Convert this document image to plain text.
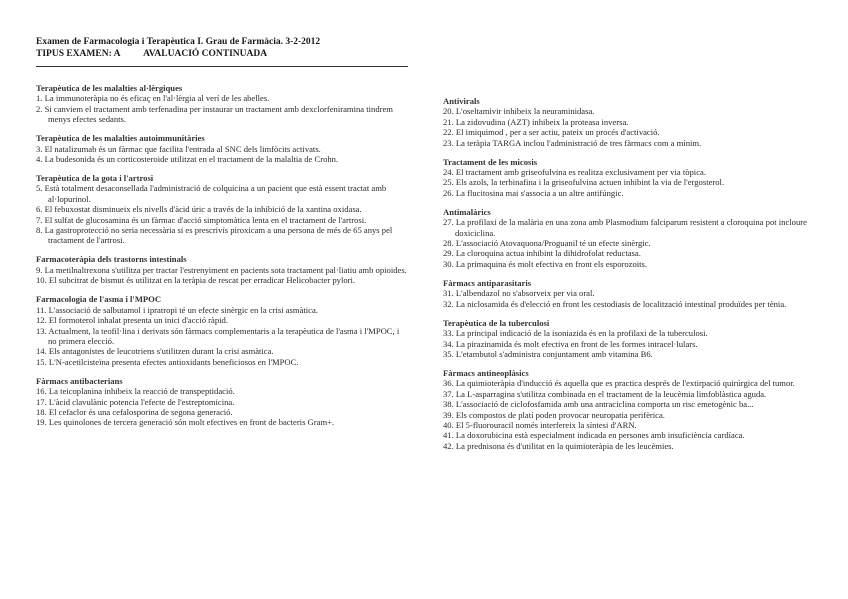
Examen de Farmacologia i Terapèutica I. Grau de Farmàcia. 3-2-2012
TIPUS EXAMEN: A          AVALUACIÓ CONTINUADA
Terapèutica de les malalties al·lèrgiques
1. La immunoteràpia no és eficaç en l'al·lèrgia al verí de les abelles.
2. Si canviem el tractament amb terfenadina per instaurar un tractament amb dexclorfeniramina tindrem menys efectes sedants.
Terapèutica de les malalties autoimmunitàries
3. El natalizumab és un fàrmac que facilita l'entrada al SNC dels limfòcits activats.
4. La budesonida és un corticosteroide utilitzat en el tractament de la malaltia de Crohn.
Terapèutica de la gota i l'artrosi
5. Està totalment desaconsellada l'administració de colquicina a un pacient que està essent tractat amb al·lopurinol.
6. El febuxostat disminueix els nivells d'àcid úric a través de la inhibició de la xantina oxidasa.
7. El sulfat de glucosamina és un fàrmac d'acció simptomàtica lenta en el tractament de l'artrosi.
8. La gastroprotecció no seria necessària si es prescrivís piroxicam a una persona de més de 65 anys pel tractament de l'artrosi.
Farmacoteràpia dels trastorns intestinals
9. La metilnaltrexona s'utilitza per tractar l'estrenyiment en pacients sota tractament pal·liatiu amb opioides.
10. El subcitrat de bismut és utilitzat en la teràpia de rescat per erradicar Helicobacter pylori.
Farmacologia de l'asma i l'MPOC
11. L'associació de salbutamol i ipratropi té un efecte sinèrgic en la crisi asmàtica.
12. El formoterol inhalat presenta un inici d'acció ràpid.
13. Actualment, la teofil·lina i derivats són fàrmacs complementaris a la terapèutica de l'asma i l'MPOC, i no primera elecció.
14. Els antagonistes de leucotriens s'utilitzen durant la crisi asmàtica.
15. L'N-acetilcisteïna presenta efectes antioxidants beneficiosos en l'MPOC.
Fàrmacs antibacterians
16. La teicoplanina inhibeix la reacció de transpeptidació.
17. L'àcid clavulànic potencia l'efecte de l'estreptomicina.
18. El cefaclor és una cefalosporina de segona generació.
19. Les quinolones de tercera generació són molt efectives en front de bacteris Gram+.
Antivirals
20. L'oseltamivir inhibeix la neuraminidasa.
21. La zidovudina (AZT) inhibeix la proteasa inversa.
22. El imiquimod , per a ser actiu, pateix un procés d'activació.
23. La teràpia TARGA inclou l'administració de tres fàrmacs com a mínim.
Tractament de les micosis
24. El tractament amb griseofulvina es realitza exclusivament per via tòpica.
25. Els azols, la terbinafina i la griseofulvina actuen inhibint la via de l'ergosterol.
26. La flucitosina mai s'associa a un altre antifúngic.
Antimalàrics
27. La profilaxi de la malària en una zona amb Plasmodium falciparum resistent a cloroquina pot incloure doxiciclina.
28. L'associació Atovaquona/Proguanil té un efecte sinèrgic.
29. La cloroquina actua inhibint la dihidrofolat reductasa.
30. La primaquina és molt efectiva en front els esporozoits.
Fàrmacs antiparasitaris
31. L'albendazol no s'absorveix per via oral.
32. La niclosamida és d'elecció en front les cestodiasis de localització intestinal produïdes per tènia.
Terapèutica de la tuberculosi
33. La principal indicació de la isoniazida és en la profilaxi de la tuberculosi.
34. La pirazinamida és molt efectiva en front de les formes intracel·lulars.
35. L'etambutol s'administra conjuntament amb vitamina B6.
Fàrmacs antineoplàsics
36. La quimioteràpia d'inducció és aquella que es practica després de l'extirpació quirúrgica del tumor.
37. La L-asparragina s'utilitza combinada en el tractament de la leucèmia limfoblàstica aguda.
38. L'associació de ciclofosfamida amb una antraciclina comporta un risc emetogènic ba...
39. Els compostos de platí poden provocar neuropatia perifèrica.
40. El 5-fluorouracil només interfereix la síntesi d'ARN.
41. La doxorubicina està especialment indicada en persones amb insuficiència cardíaca.
42. La prednisona és d'utilitat en la quimioteràpia de les leucèmies.
